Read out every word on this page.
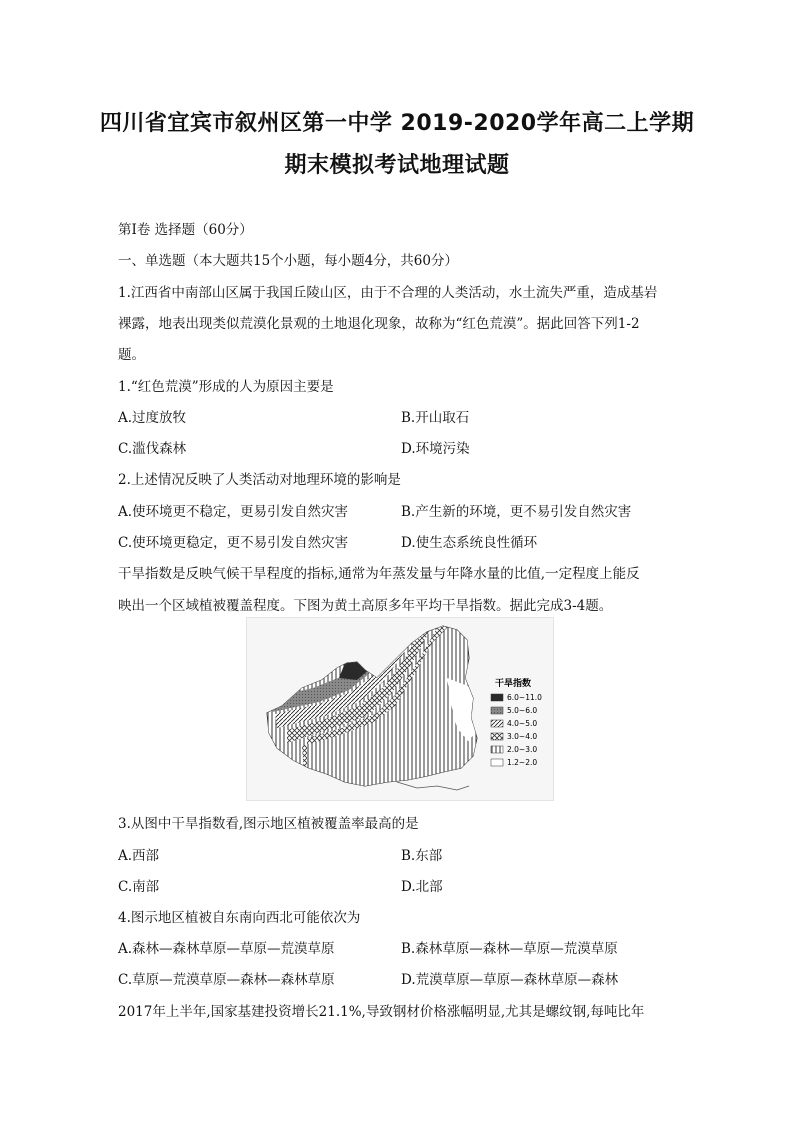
四川省宜宾市叙州区第一中学 2019-2020学年高二上学期
期末模拟考试地理试题
第Ⅰ卷 选择题（60分）
一、单选题（本大题共15个小题，每小题4分，共60分）
1.江西省中南部山区属于我国丘陵山区，由于不合理的人类活动，水土流失严重，造成基岩
裸露，地表出现类似荒漠化景观的土地退化现象，故称为“红色荒漠”。据此回答下列1-2
题。
1.“红色荒漠”形成的人为原因主要是
A.过度放牧	B.开山取石
C.滥伐森林	D.环境污染
2.上述情况反映了人类活动对地理环境的影响是
A.使环境更不稳定，更易引发自然灾害	B.产生新的环境，更不易引发自然灾害
C.使环境更稳定，更不易引发自然灾害	D.使生态系统良性循环
干旱指数是反映气候干旱程度的指标,通常为年蒸发量与年降水量的比值,一定程度上能反
映出一个区域植被覆盖程度。下图为黄土高原多年平均干旱指数。据此完成3-4题。
干旱指数
6.0~11.0
5.0~6.0
4.0~5.0
3.0~4.0
2.0~3.0
1.2~2.0
3.从图中干旱指数看,图示地区植被覆盖率最高的是
A.西部	B.东部
C.南部	D.北部
4.图示地区植被自东南向西北可能依次为
A.森林—森林草原—草原—荒漠草原	B.森林草原—森林—草原—荒漠草原
C.草原—荒漠草原—森林—森林草原	D.荒漠草原—草原—森林草原—森林
2017年上半年,国家基建投资增长21.1%,导致钢材价格涨幅明显,尤其是螺纹钢,每吨比年
